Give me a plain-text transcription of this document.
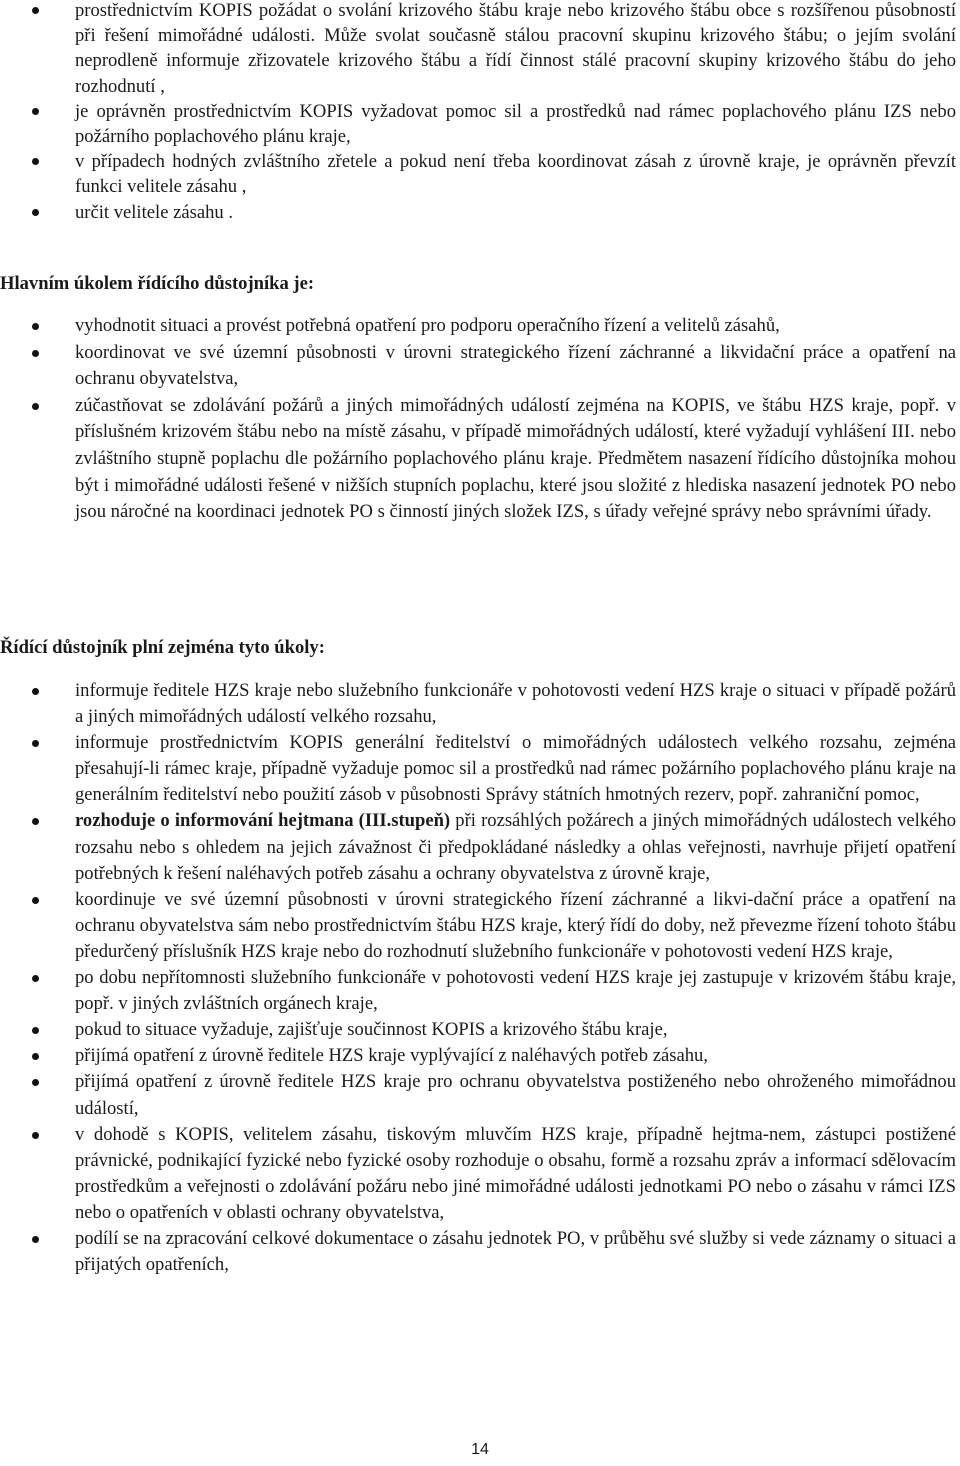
prostřednictvím KOPIS požádat o svolání krizového štábu kraje nebo krizového štábu obce s rozšířenou působností při řešení mimořádné události. Může svolat současně stálou pracovní skupinu krizového štábu; o jejím svolání neprodleně informuje zřizovatele krizového štábu a řídí činnost stálé pracovní skupiny krizového štábu do jeho rozhodnutí ,
je oprávněn prostřednictvím KOPIS vyžadovat pomoc sil a prostředků nad rámec poplachového plánu IZS nebo požárního poplachového plánu kraje,
v případech hodných zvláštního zřetele a pokud není třeba koordinovat zásah z úrovně kraje, je oprávněn převzít funkci velitele zásahu ,
určit velitele zásahu .
Hlavním úkolem řídícího důstojníka je:
vyhodnotit situaci a provést potřebná opatření pro podporu operačního řízení a velitelů zásahů,
koordinovat ve své územní působnosti v úrovni strategického řízení záchranné a likvidační práce a opatření na ochranu obyvatelstva,
zúčastňovat se zdolávání požárů a jiných mimořádných událostí zejména na KOPIS, ve štábu HZS kraje, popř. v příslušném krizovém štábu nebo na místě zásahu, v případě mimořádných událostí, které vyžadují vyhlášení III. nebo zvláštního stupně poplachu dle požárního poplachového plánu kraje. Předmětem nasazení řídícího důstojníka mohou být i mimořádné události řešené v nižších stupních poplachu, které jsou složité z hlediska nasazení jednotek PO nebo jsou náročné na koordinaci jednotek PO s činností jiných složek IZS, s úřady veřejné správy nebo správními úřady.
Řídící důstojník plní zejména tyto úkoly:
informuje ředitele HZS kraje nebo služebního funkcionáře v pohotovosti vedení HZS kraje o situaci v případě požárů a jiných mimořádných událostí velkého rozsahu,
informuje prostřednictvím KOPIS generální ředitelství o mimořádných událostech velkého rozsahu, zejména přesahují-li rámec kraje, případně vyžaduje pomoc sil a prostředků nad rámec požárního poplachového plánu kraje na generálním ředitelství nebo použití zásob v působnosti Správy státních hmotných rezerv, popř. zahraniční pomoc,
rozhoduje o informování hejtmana (III.stupeň) při rozsáhlých požárech a jiných mimořádných událostech velkého rozsahu nebo s ohledem na jejich závažnost či předpokládané následky a ohlas veřejnosti, navrhuje přijetí opatření potřebných k řešení naléhavých potřeb zásahu a ochrany obyvatelstva z úrovně kraje,
koordinuje ve své územní působnosti v úrovni strategického řízení záchranné a likvi-dační práce a opatření na ochranu obyvatelstva sám nebo prostřednictvím štábu HZS kraje, který řídí do doby, než převezme řízení tohoto štábu předurčený příslušník HZS kraje nebo do rozhodnutí služebního funkcionáře v pohotovosti vedení HZS kraje,
po dobu nepřítomnosti služebního funkcionáře v pohotovosti vedení HZS kraje jej zastupuje v krizovém štábu kraje, popř. v jiných zvláštních orgánech kraje,
pokud to situace vyžaduje, zajišťuje součinnost KOPIS a krizového štábu kraje,
přijímá opatření z úrovně ředitele HZS kraje vyplývající z naléhavých potřeb zásahu,
přijímá opatření z úrovně ředitele HZS kraje pro ochranu obyvatelstva postiženého nebo ohroženého mimořádnou událostí,
v dohodě s KOPIS, velitelem zásahu, tiskovým mluvčím HZS kraje, případně hejtma-nem, zástupci postižené právnické, podnikající fyzické nebo fyzické osoby rozhoduje o obsahu, formě a rozsahu zpráv a informací sdělovacím prostředkům a veřejnosti o zdolávání požáru nebo jiné mimořádné události jednotkami PO nebo o zásahu v rámci IZS nebo o opatřeních v oblasti ochrany obyvatelstva,
podílí se na zpracování celkové dokumentace o zásahu jednotek PO, v průběhu své služby si vede záznamy o situaci a přijatých opatřeních,
14
